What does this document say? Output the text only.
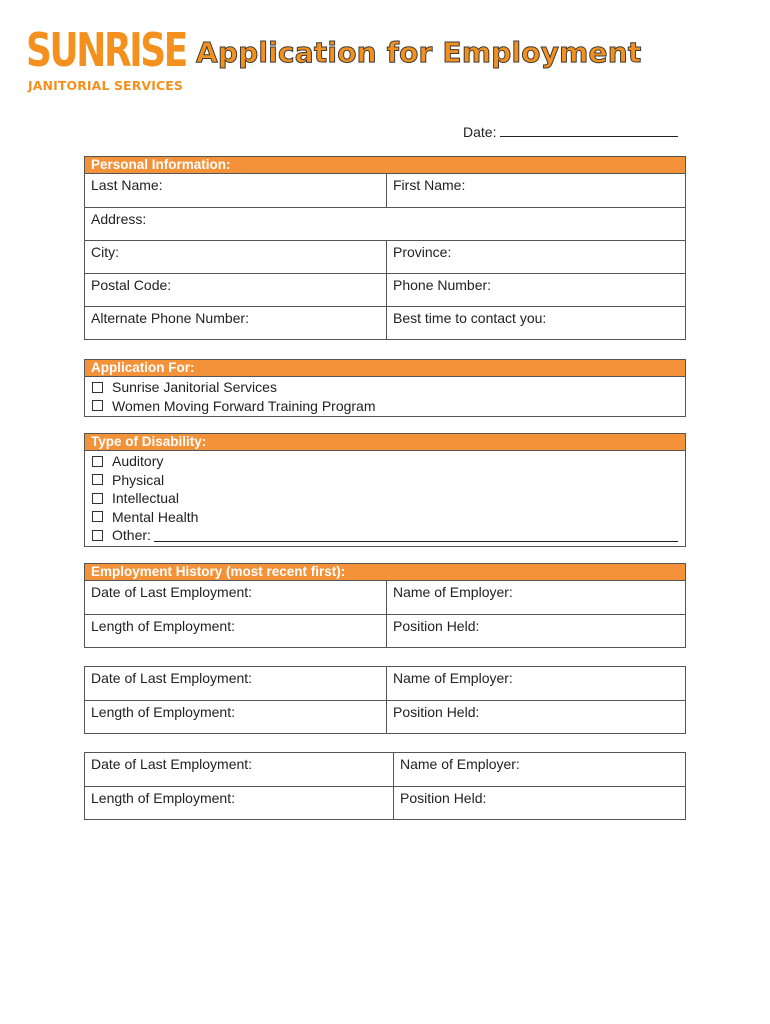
SUNRISE
JANITORIAL SERVICES
Application for Employment
Date:
Personal Information:
Last Name:	First Name:
Address:
City:	Province:
Postal Code:	Phone Number:
Alternate Phone Number:	Best time to contact you:
Application For:
Sunrise Janitorial Services
Women Moving Forward Training Program
Type of Disability:
Auditory
Physical
Intellectual
Mental Health
Other:
Employment History (most recent first):
Date of Last Employment:	Name of Employer:
Length of Employment:	Position Held:
Date of Last Employment:	Name of Employer:
Length of Employment:	Position Held:
Date of Last Employment:	Name of Employer:
Length of Employment:	Position Held:
